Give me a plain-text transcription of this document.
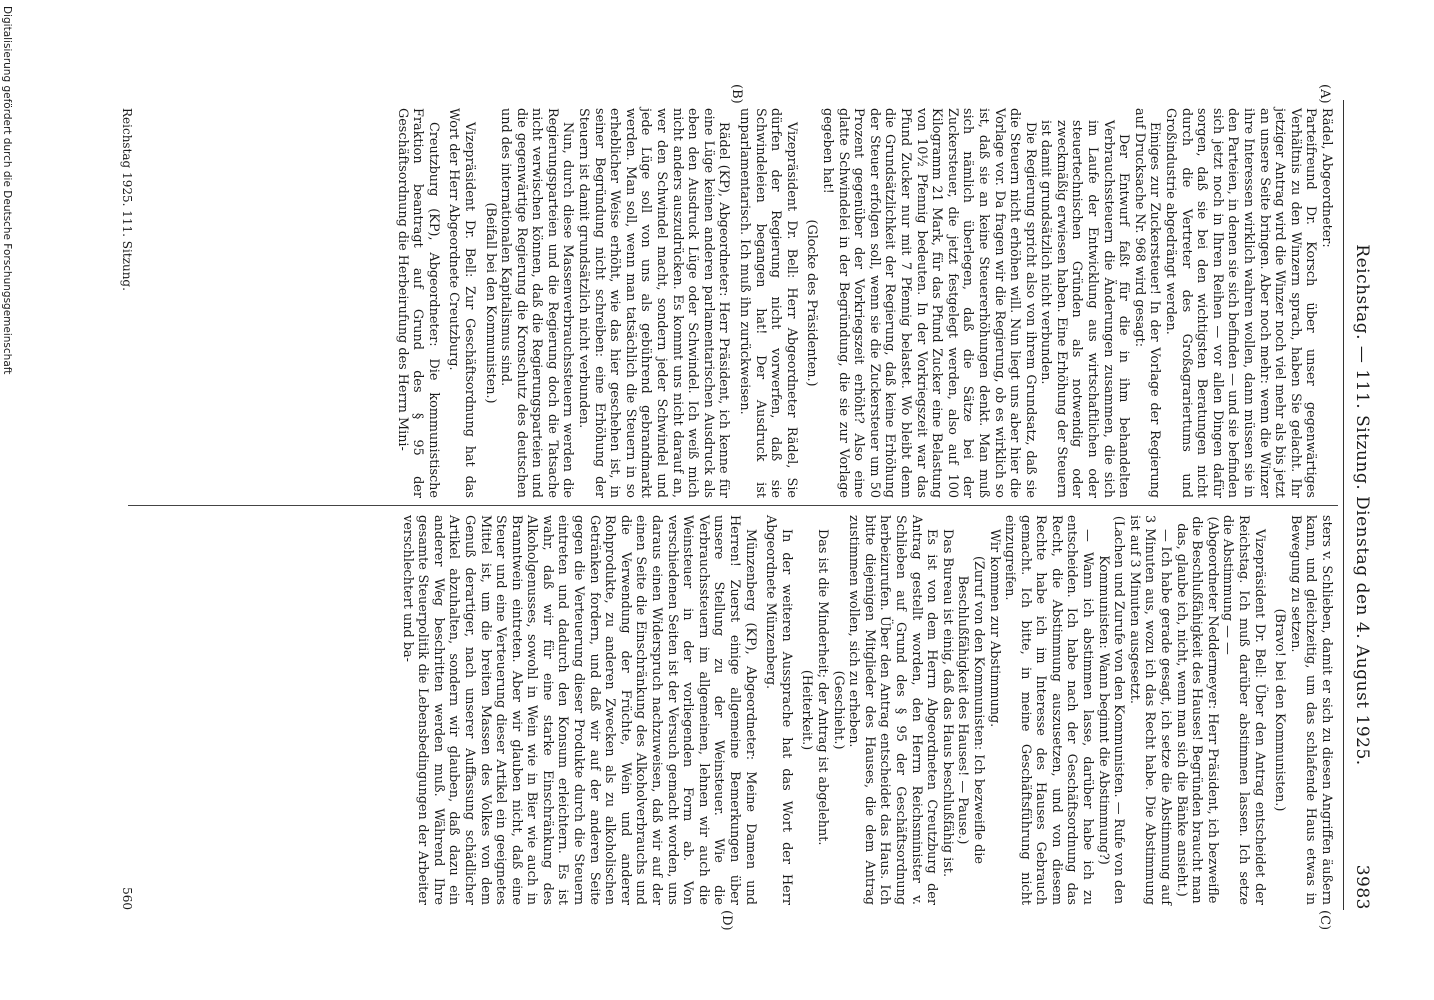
Reichstag. — 111. Sitzung. Dienstag den 4. August 1925.
3983
(A)
(B)
(C)
(D)

Rädel, Abgeordneter:

Parteifreund Dr. Korsch über unser gegenwärtiges Verhältnis zu den Winzern sprach, haben Sie gelacht. Ihr jetziger Antrag wird die Winzer noch viel mehr als bis jetzt an unsere Seite bringen. Aber noch mehr: wenn die Winzer ihre Interessen wirklich wahren wollen, dann müssen sie in den Parteien, in denen sie sich befinden — und sie befinden sich jetzt noch in Ihren Reihen — vor allen Dingen dafür sorgen, daß sie bei den wichtigsten Beratungen nicht durch die Vertreter des Großagrariertums und Großindustrie abgedrängt werden.

Einiges zur Zuckersteuer! In der Vorlage der Regierung auf Drucksache Nr. 968 wird gesagt:

Der Entwurf faßt für die in ihm behandelten Verbrauchssteuern die Änderungen zusammen, die sich im Laufe der Entwicklung aus wirtschaftlichen oder steuertechnischen Gründen als notwendig oder zweckmäßig erwiesen haben. Eine Erhöhung der Steuern ist damit grundsätzlich nicht verbunden.

Die Regierung spricht also von ihrem Grundsatz, daß sie die Steuern nicht erhöhen will. Nun liegt uns aber hier die Vorlage vor. Da fragen wir die Regierung, ob es wirklich so ist, daß sie an keine Steuererhöhungen denkt. Man muß sich nämlich überlegen, daß die Sätze bei der Zuckersteuer, die jetzt festgelegt werden, also auf 100 Kilogramm 21 Mark, für das Pfund Zucker eine Belastung von 10½ Pfennig bedeuten. In der Vorkriegszeit war das Pfund Zucker nur mit 7 Pfennig belastet. Wo bleibt denn die Grundsätzlichkeit der Regierung, daß keine Erhöhung der Steuer erfolgen soll, wenn sie die Zuckersteuer um 50 Prozent gegenüber der Vorkriegszeit erhöht? Also eine glatte Schwindelei in der Begründung, die sie zur Vorlage gegeben hat!

(Glocke des Präsidenten.)

Vizepräsident Dr. Bell: Herr Abgeordneter Rädel, Sie dürfen der Regierung nicht vorwerfen, daß sie Schwindeleien begangen hat! Der Ausdruck ist unparlamentarisch. Ich muß ihn zurückweisen.

Rädel (KP), Abgeordneter: Herr Präsident, ich kenne für eine Lüge keinen anderen parlamentarischen Ausdruck als eben den Ausdruck Lüge oder Schwindel. Ich weiß mich nicht anders auszudrücken. Es kommt uns nicht darauf an, wer den Schwindel macht, sondern jeder Schwindel und jede Lüge soll von uns als gebührend gebrandmarkt werden. Man soll, wenn man tatsächlich die Steuern in so erheblicher Weise erhöht, wie das hier geschehen ist, in seiner Begründung nicht schreiben: eine Erhöhung der Steuern ist damit grundsätzlich nicht verbunden.

Nun, durch diese Massenverbrauchssteuern werden die Regierungsparteien und die Regierung doch die Tatsache nicht verwischen können, daß die Regierungsparteien und die gegenwärtige Regierung die Kronschutz des deutschen und des internationalen Kapitalismus sind.

(Beifall bei den Kommunisten.)

Vizepräsident Dr. Bell: Zur Geschäftsordnung hat das Wort der Herr Abgeordnete Creutzburg.

Creutzburg (KP), Abgeordneter: Die kommunistische Fraktion beantragt auf Grund des § 95 der Geschäftsordnung die Herbeirufung des Herrn Mini-

sters v. Schlieben, damit er sich zu diesen Angriffen äußern kann, und gleichzeitig, um das schlafende Haus etwas in Bewegung zu setzen.

(Bravo! bei den Kommunisten.)

Vizepräsident Dr. Bell: Über den Antrag entscheidet der Reichstag. Ich muß darüber abstimmen lassen. Ich setze die Abstimmung — —

(Abgeordneter Neddermeyer: Herr Präsident, ich bezweifle die Beschlußfähigkeit des Hauses! Begründen braucht man das, glaube ich, nicht, wenn man sich die Bänke ansieht.)

— Ich habe gerade gesagt, ich setze die Abstimmung auf 3 Minuten aus, wozu ich das Recht habe. Die Abstimmung ist auf 3 Minuten ausgesetzt.

(Lachen und Zurufe von den Kommunisten. — Rufe von den Kommunisten: Wann beginnt die Abstimmung?)

— Wann ich abstimmen lasse, darüber habe ich zu entscheiden. Ich habe nach der Geschäftsordnung das Recht, die Abstimmung auszusetzen, und von diesem Rechte habe ich im Interesse des Hauses Gebrauch gemacht. Ich bitte, in meine Geschäftsführung nicht einzugreifen.

Wir kommen zur Abstimmung.

(Zuruf von den Kommunisten: Ich bezweifle die Beschlußfähigkeit des Hauses! — Pause.)

Das Bureau ist einig, daß das Haus beschlußfähig ist.

Es ist von dem Herrn Abgeordneten Creutzburg der Antrag gestellt worden, den Herrn Reichsminister v. Schlieben auf Grund des § 95 der Geschäftsordnung herbeizurufen. Über den Antrag entscheidet das Haus. Ich bitte diejenigen Mitglieder des Hauses, die dem Antrag zustimmen wollen, sich zu erheben.

(Geschieht.)

Das ist die Minderheit; der Antrag ist abgelehnt.

(Heiterkeit.)

In der weiteren Aussprache hat das Wort der Herr Abgeordnete Münzenberg.

Münzenberg (KP), Abgeordneter: Meine Damen und Herren! Zuerst einige allgemeine Bemerkungen über unsere Stellung zu der Weinsteuer. Wie die Verbrauchssteuern im allgemeinen, lehnen wir auch die Weinsteuer in der vorliegenden Form ab. Von verschiedenen Seiten ist der Versuch gemacht worden, uns daraus einen Widerspruch nachzuweisen, daß wir auf der einen Seite die Einschränkung des Alkoholverbrauchs und die Verwendung der Früchte, Wein und anderer Rohprodukte, zu anderen Zwecken als zu alkoholischen Getränken fordern, und daß wir auf der anderen Seite gegen die Verteuerung dieser Produkte durch die Steuern eintreten und dadurch den Konsum erleichtern. Es ist wahr, daß wir für eine starke Einschränkung des Alkoholgenusses, sowohl in Wein wie in Bier wie auch in Branntwein eintreten. Aber wir glauben nicht, daß eine Steuer und eine Verteuerung dieser Artikel ein geeignetes Mittel ist, um die breiten Massen des Volkes von dem Genuß derartiger, nach unserer Auffassung schädlicher Artikel abzuhalten, sondern wir glauben, daß dazu ein anderer Weg beschritten werden muß. Während Ihre gesamte Steuerpolitik die Lebensbedingungen der Arbeiter verschlechtert und ba-

Reichstag 1925. 111. Sitzung.
560
Digitalisierung gefördert durch die Deutsche Forschungsgemeinschaft
